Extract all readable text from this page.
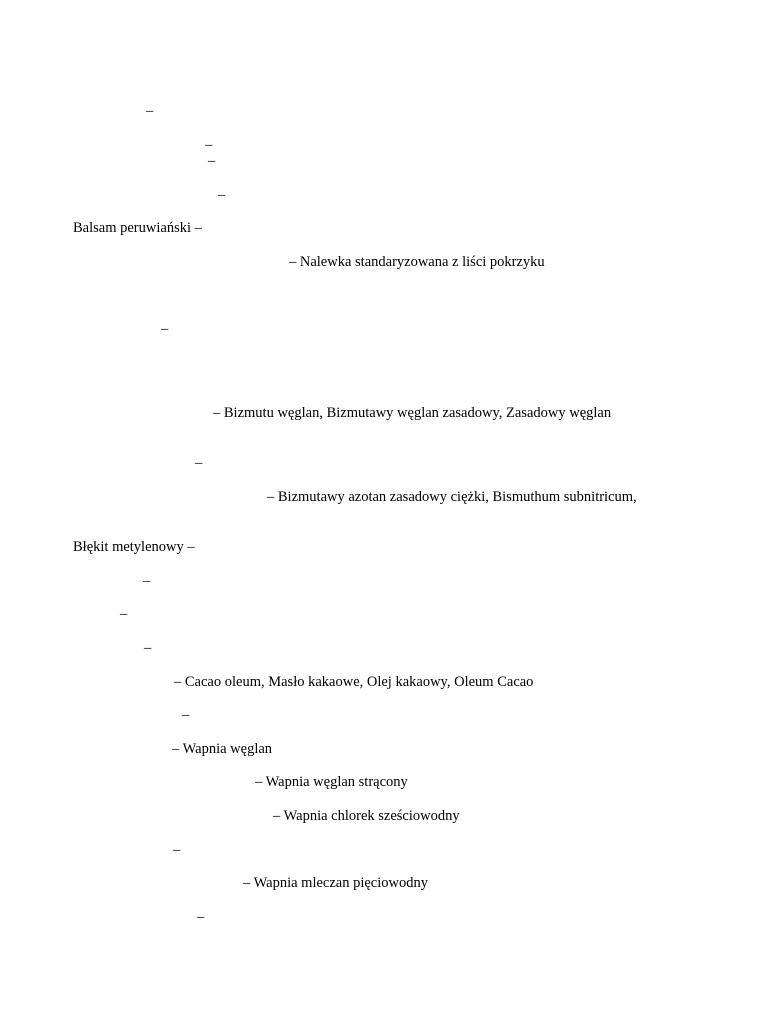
–
–
–
–
Balsam peruwiański –
– Nalewka standaryzowana z liści pokrzyku
–
– Bizmutu węglan, Bizmutawy węglan zasadowy, Zasadowy węglan
–
– Bizmutawy azotan zasadowy ciężki, Bismuthum subnitricum,
Błękit metylenowy –
–
–
–
– Cacao oleum, Masło kakaowe, Olej kakaowy, Oleum Cacao
–
– Wapnia węglan
– Wapnia węglan strącony
– Wapnia chlorek sześciowodny
–
– Wapnia mleczan pięciowodny
–
